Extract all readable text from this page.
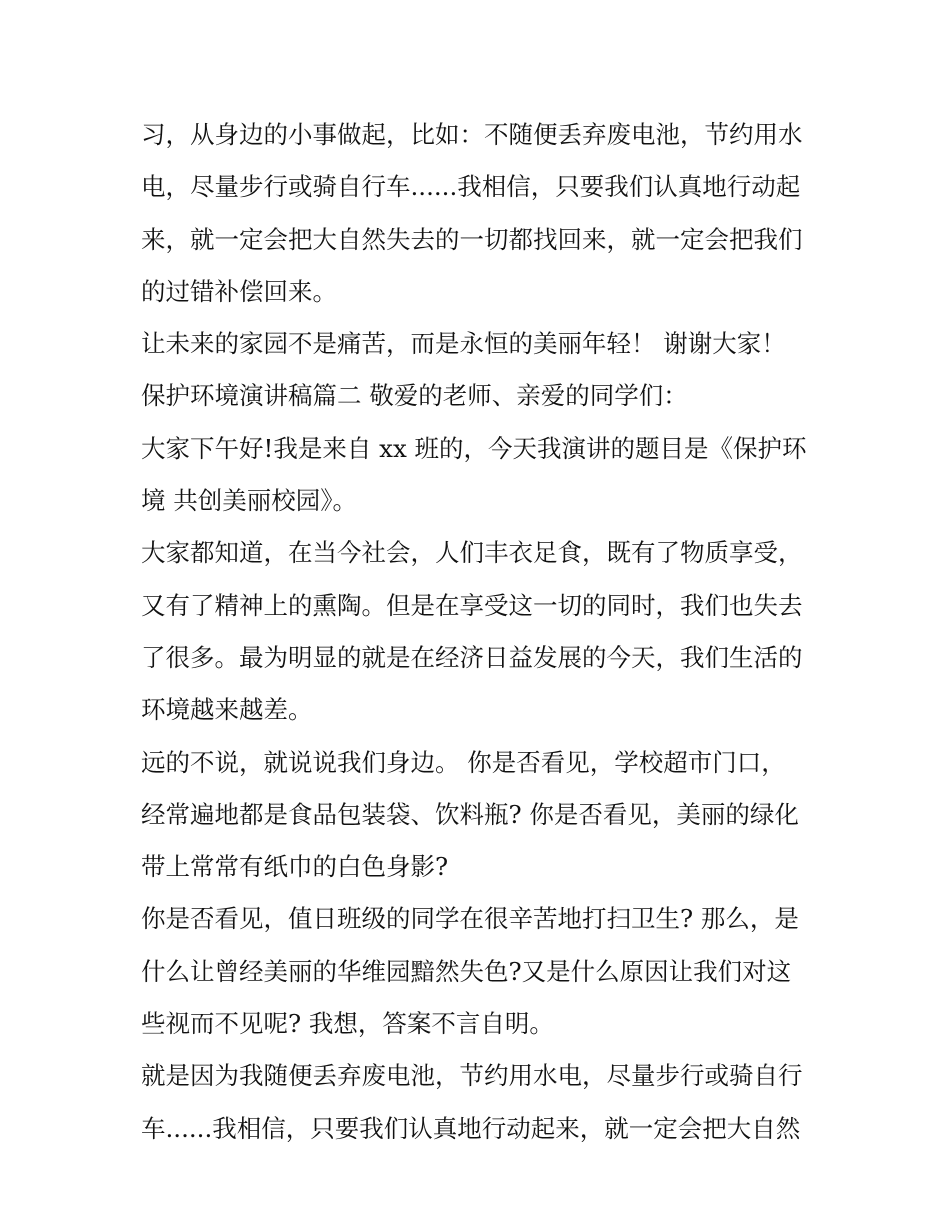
习，从身边的小事做起，比如：不随便丢弃废电池，节约用水
电，尽量步行或骑自行车......我相信，只要我们认真地行动起
来，就一定会把大自然失去的一切都找回来，就一定会把我们
的过错补偿回来。
让未来的家园不是痛苦，而是永恒的美丽年轻！ 谢谢大家！
保护环境演讲稿篇二 敬爱的老师、亲爱的同学们：
大家下午好!我是来自 xx 班的，今天我演讲的题目是《保护环
境 共创美丽校园》。
大家都知道，在当今社会，人们丰衣足食，既有了物质享受，
又有了精神上的熏陶。但是在享受这一切的同时，我们也失去
了很多。最为明显的就是在经济日益发展的今天，我们生活的
环境越来越差。
远的不说，就说说我们身边。 你是否看见，学校超市门口，
经常遍地都是食品包装袋、饮料瓶? 你是否看见，美丽的绿化
带上常常有纸巾的白色身影?
你是否看见，值日班级的同学在很辛苦地打扫卫生? 那么，是
什么让曾经美丽的华维园黯然失色?又是什么原因让我们对这
些视而不见呢? 我想，答案不言自明。
就是因为我随便丢弃废电池，节约用水电，尽量步行或骑自行
车......我相信，只要我们认真地行动起来，就一定会把大自然
